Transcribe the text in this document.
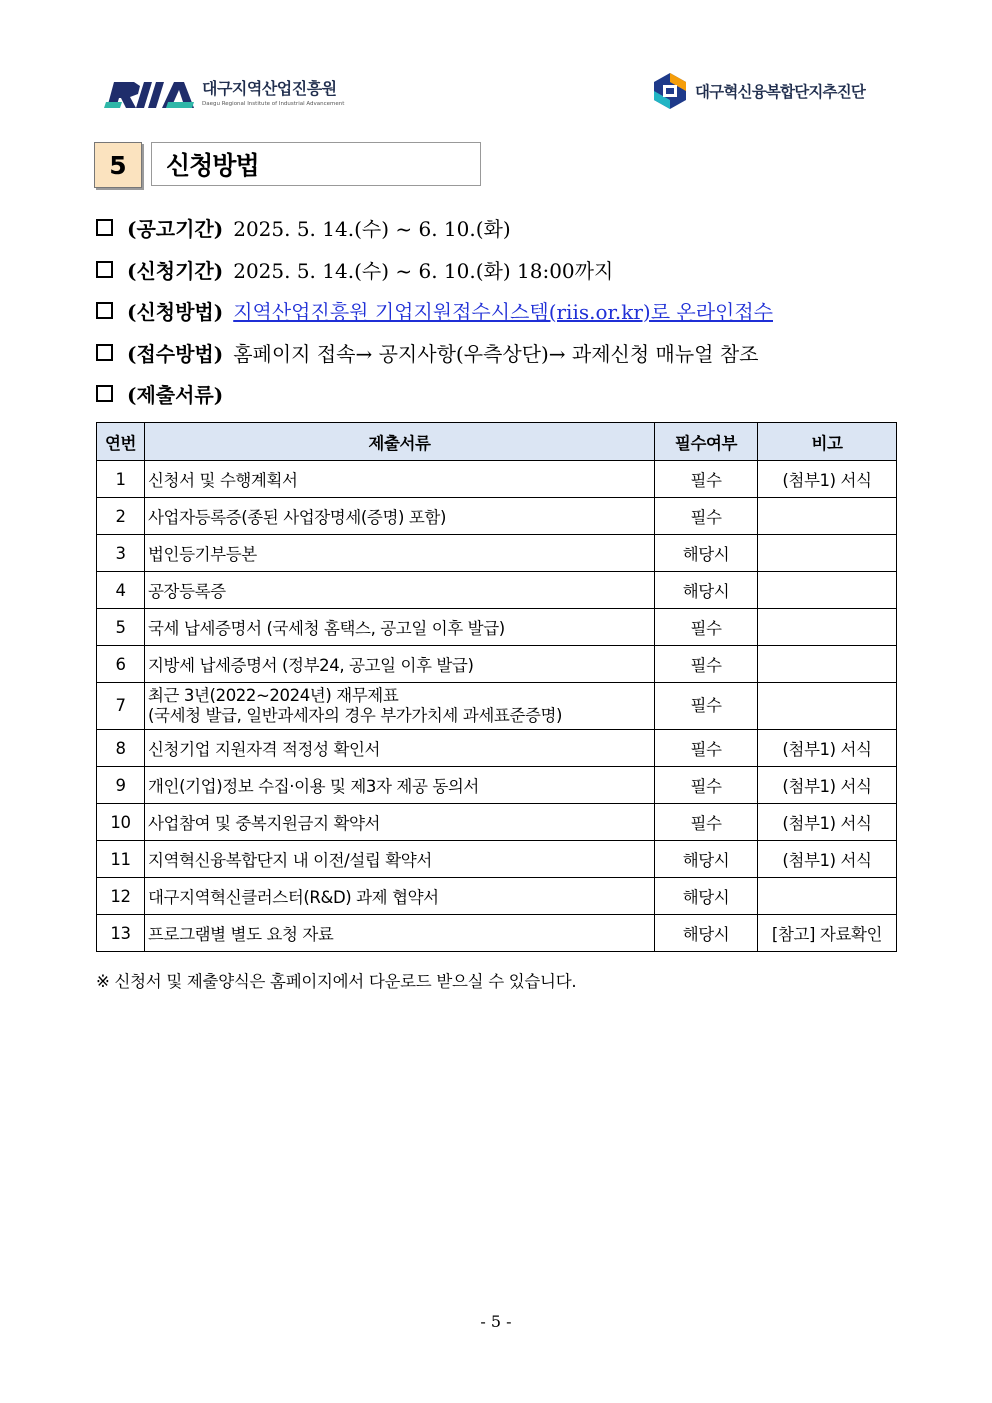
대구지역산업진흥원
Daegu Regional Institute of Industrial Advancement
대구혁신융복합단지추진단
5	신청방법
(공고기간) 2025. 5. 14.(수) ~ 6. 10.(화)
(신청기간) 2025. 5. 14.(수) ~ 6. 10.(화) 18:00까지
(신청방법) 지역산업진흥원 기업지원접수시스템(riis.or.kr)로 온라인접수
(접수방법) 홈페이지 접속→ 공지사항(우측상단)→ 과제신청 매뉴얼 참조
(제출서류)
연번	제출서류	필수여부	비고
1	신청서 및 수행계획서	필수	(첨부1) 서식
2	사업자등록증(종된 사업장명세(증명) 포함)	필수	
3	법인등기부등본	해당시	
4	공장등록증	해당시	
5	국세 납세증명서 (국세청 홈택스, 공고일 이후 발급)	필수	
6	지방세 납세증명서 (정부24, 공고일 이후 발급)	필수	
7	최근 3년(2022~2024년) 재무제표
(국세청 발급, 일반과세자의 경우 부가가치세 과세표준증명)	필수	
8	신청기업 지원자격 적정성 확인서	필수	(첨부1) 서식
9	개인(기업)정보 수집·이용 및 제3자 제공 동의서	필수	(첨부1) 서식
10	사업참여 및 중복지원금지 확약서	필수	(첨부1) 서식
11	지역혁신융복합단지 내 이전/설립 확약서	해당시	(첨부1) 서식
12	대구지역혁신클러스터(R&D) 과제 협약서	해당시	
13	프로그램별 별도 요청 자료	해당시	[참고] 자료확인
※ 신청서 및 제출양식은 홈페이지에서 다운로드 받으실 수 있습니다.
- 5 -
